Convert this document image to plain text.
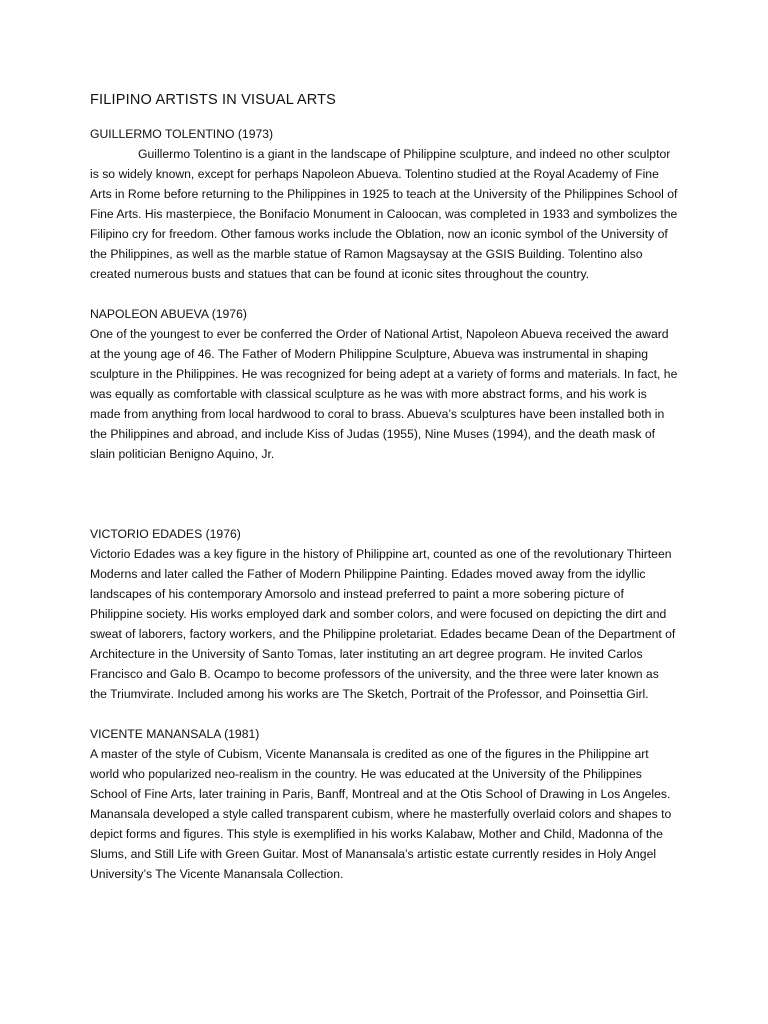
FILIPINO ARTISTS IN VISUAL ARTS

GUILLERMO TOLENTINO (1973)

Guillermo Tolentino is a giant in the landscape of Philippine sculpture, and indeed no other sculptor is so widely known, except for perhaps Napoleon Abueva. Tolentino studied at the Royal Academy of Fine Arts in Rome before returning to the Philippines in 1925 to teach at the University of the Philippines School of Fine Arts. His masterpiece, the Bonifacio Monument in Caloocan, was completed in 1933 and symbolizes the Filipino cry for freedom. Other famous works include the Oblation, now an iconic symbol of the University of the Philippines, as well as the marble statue of Ramon Magsaysay at the GSIS Building. Tolentino also created numerous busts and statues that can be found at iconic sites throughout the country.

NAPOLEON ABUEVA (1976)

One of the youngest to ever be conferred the Order of National Artist, Napoleon Abueva received the award at the young age of 46. The Father of Modern Philippine Sculpture, Abueva was instrumental in shaping sculpture in the Philippines. He was recognized for being adept at a variety of forms and materials. In fact, he was equally as comfortable with classical sculpture as he was with more abstract forms, and his work is made from anything from local hardwood to coral to brass. Abueva’s sculptures have been installed both in the Philippines and abroad, and include Kiss of Judas (1955), Nine Muses (1994), and the death mask of slain politician Benigno Aquino, Jr.

VICTORIO EDADES (1976)

Victorio Edades was a key figure in the history of Philippine art, counted as one of the revolutionary Thirteen Moderns and later called the Father of Modern Philippine Painting. Edades moved away from the idyllic landscapes of his contemporary Amorsolo and instead preferred to paint a more sobering picture of Philippine society. His works employed dark and somber colors, and were focused on depicting the dirt and sweat of laborers, factory workers, and the Philippine proletariat. Edades became Dean of the Department of Architecture in the University of Santo Tomas, later instituting an art degree program. He invited Carlos Francisco and Galo B. Ocampo to become professors of the university, and the three were later known as the Triumvirate. Included among his works are The Sketch, Portrait of the Professor, and Poinsettia Girl.

VICENTE MANANSALA (1981)

A master of the style of Cubism, Vicente Manansala is credited as one of the figures in the Philippine art world who popularized neo-realism in the country. He was educated at the University of the Philippines School of Fine Arts, later training in Paris, Banff, Montreal and at the Otis School of Drawing in Los Angeles. Manansala developed a style called transparent cubism, where he masterfully overlaid colors and shapes to depict forms and figures. This style is exemplified in his works Kalabaw, Mother and Child, Madonna of the Slums, and Still Life with Green Guitar. Most of Manansala’s artistic estate currently resides in Holy Angel University’s The Vicente Manansala Collection.
